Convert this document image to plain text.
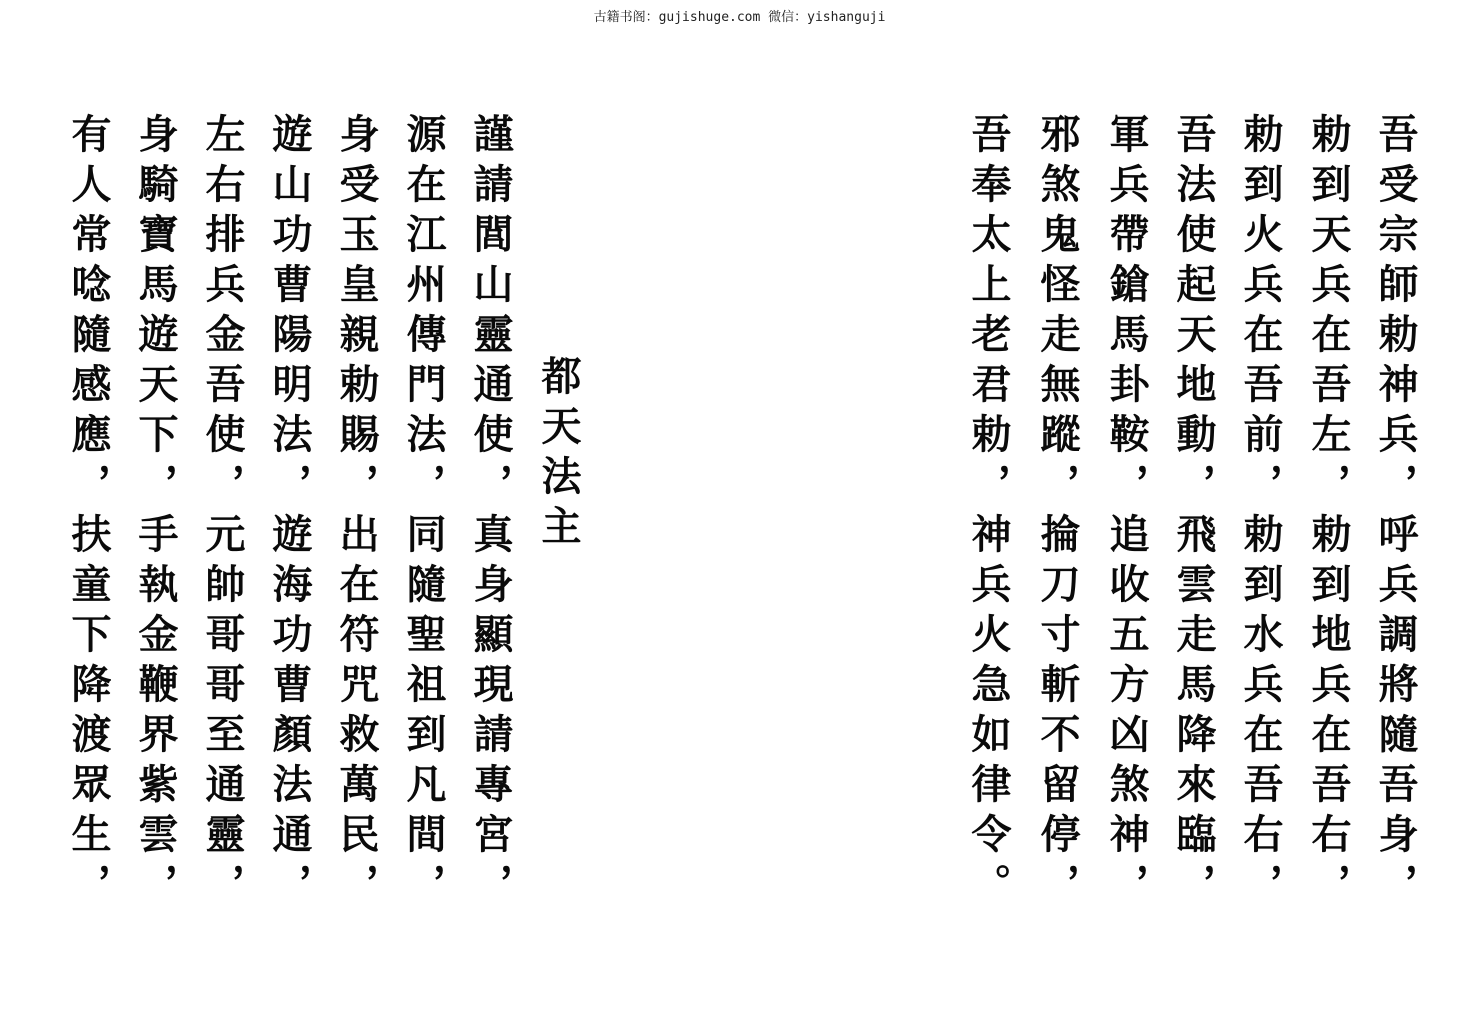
古籍书阁：gujishuge.com 微信：yishanguji
都天法主
謹請閭山靈通使，真身顯現請專宮，
源在江州傳門法，同隨聖祖到凡間，
身受玉皇親勅賜，出在符咒救萬民，
遊山功曹陽明法，遊海功曹顏法通，
左右排兵金吾使，元帥哥哥至通靈，
身騎寶馬遊天下，手執金鞭界紫雲，
有人常唸隨感應，扶童下降渡眾生，	吾受宗師勅神兵，呼兵調將隨吾身，
勅到天兵在吾左，勅到地兵在吾右，
勅到火兵在吾前，勅到水兵在吾右，
吾法使起天地動，飛雲走馬降來臨，
軍兵帶鎗馬卦鞍，追收五方凶煞神，
邪煞鬼怪走無蹤，掄刀寸斬不留停，
吾奉太上老君勅，神兵火急如律令。
